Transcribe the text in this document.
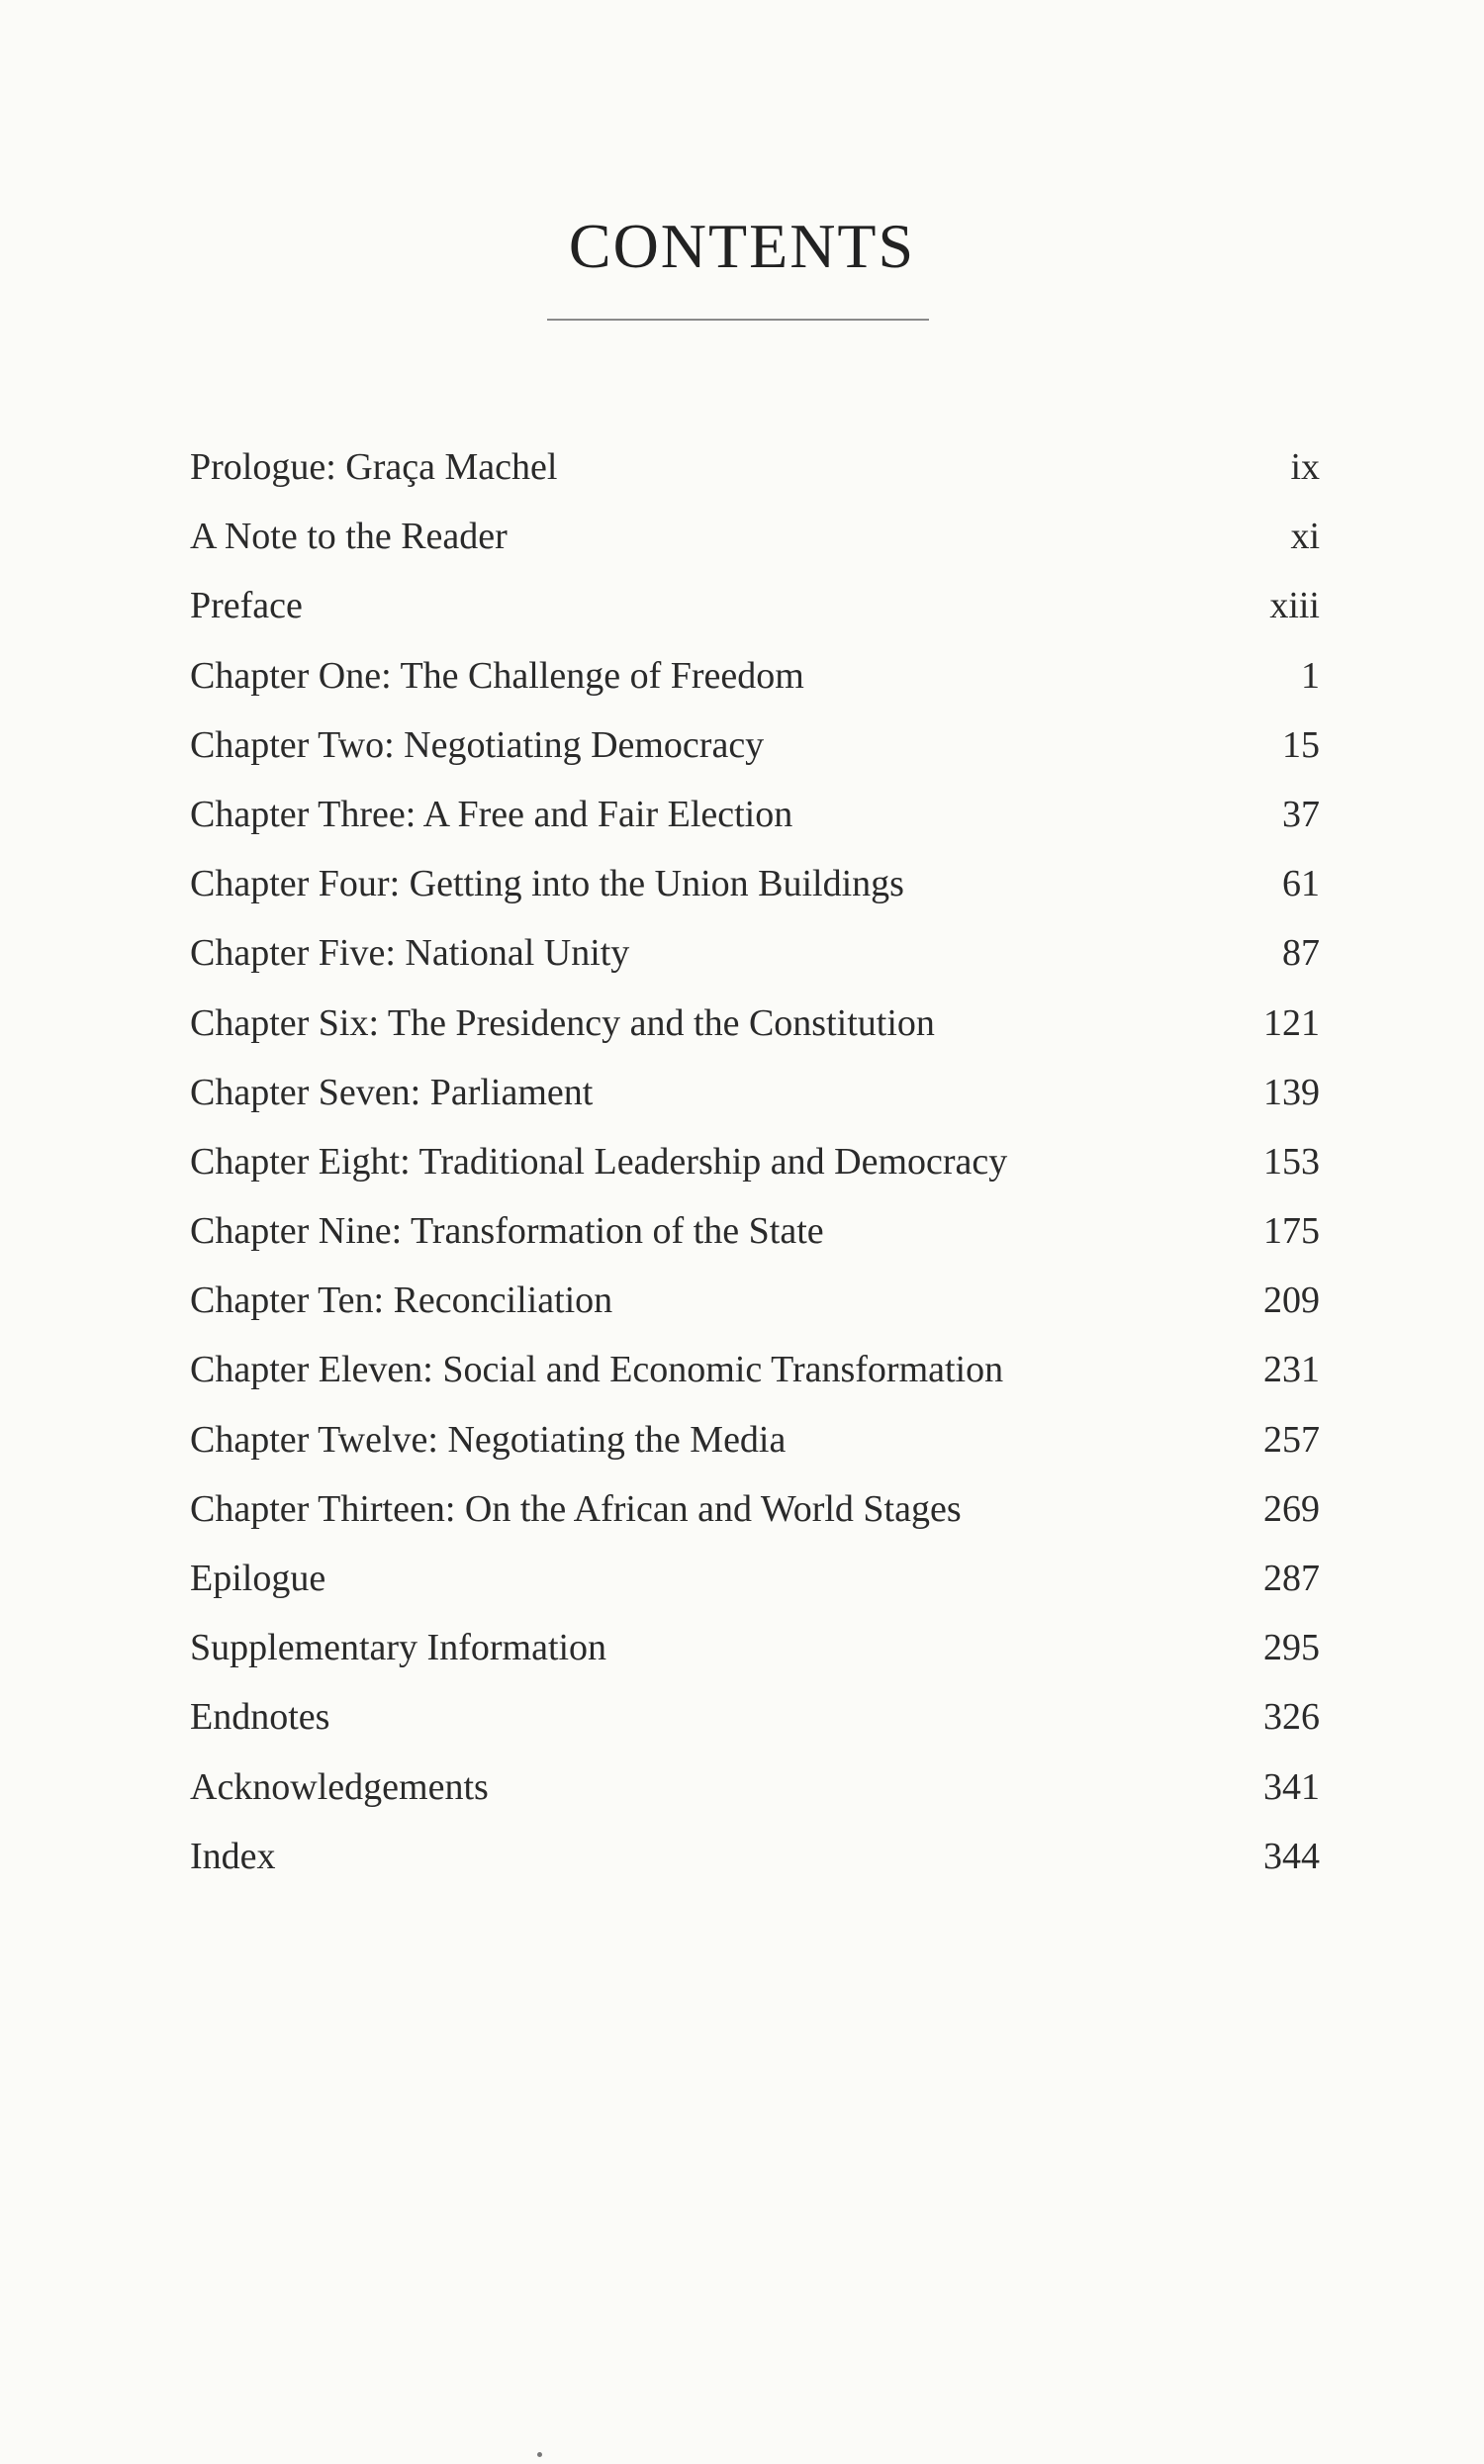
CONTENTS
Prologue: Graça Machel	ix
A Note to the Reader	xi
Preface	xiii
Chapter One: The Challenge of Freedom	1
Chapter Two: Negotiating Democracy	15
Chapter Three: A Free and Fair Election	37
Chapter Four: Getting into the Union Buildings	61
Chapter Five: National Unity	87
Chapter Six: The Presidency and the Constitution	121
Chapter Seven: Parliament	139
Chapter Eight: Traditional Leadership and Democracy	153
Chapter Nine: Transformation of the State	175
Chapter Ten: Reconciliation	209
Chapter Eleven: Social and Economic Transformation	231
Chapter Twelve: Negotiating the Media	257
Chapter Thirteen: On the African and World Stages	269
Epilogue	287
Supplementary Information	295
Endnotes	326
Acknowledgements	341
Index	344
